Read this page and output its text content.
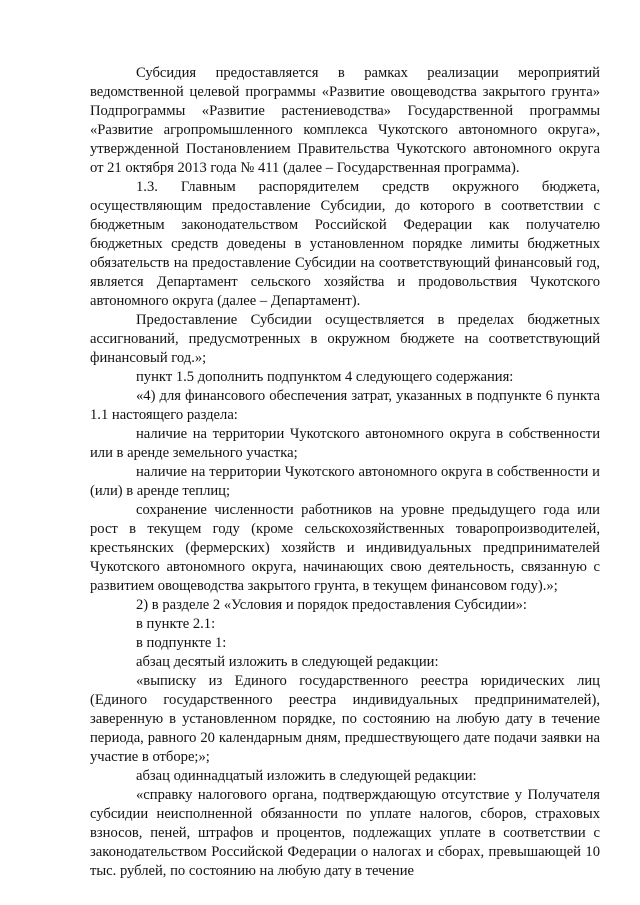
Субсидия предоставляется в рамках реализации мероприятий ведомственной целевой программы «Развитие овощеводства закрытого грунта» Подпрограммы «Развитие растениеводства» Государственной программы «Развитие агропромышленного комплекса Чукотского автономного округа», утвержденной Постановлением Правительства Чукотского автономного округа от 21 октября 2013 года № 411 (далее – Государственная программа).

1.3. Главным распорядителем средств окружного бюджета, осуществляющим предоставление Субсидии, до которого в соответствии с бюджетным законодательством Российской Федерации как получателю бюджетных средств доведены в установленном порядке лимиты бюджетных обязательств на предоставление Субсидии на соответствующий финансовый год, является Департамент сельского хозяйства и продовольствия Чукотского автономного округа (далее – Департамент).

Предоставление Субсидии осуществляется в пределах бюджетных ассигнований, предусмотренных в окружном бюджете на соответствующий финансовый год.»;

пункт 1.5 дополнить подпунктом 4 следующего содержания:

«4) для финансового обеспечения затрат, указанных в подпункте 6 пункта 1.1 настоящего раздела:

наличие на территории Чукотского автономного округа в собственности или в аренде земельного участка;

наличие на территории Чукотского автономного округа в собственности и (или) в аренде теплиц;

сохранение численности работников на уровне предыдущего года или рост в текущем году (кроме сельскохозяйственных товаропроизводителей, крестьянских (фермерских) хозяйств и индивидуальных предпринимателей Чукотского автономного округа, начинающих свою деятельность, связанную с развитием овощеводства закрытого грунта, в текущем финансовом году).»;

2) в разделе 2 «Условия и порядок предоставления Субсидии»:

в пункте 2.1:

в подпункте 1:

абзац десятый изложить в следующей редакции:

«выписку из Единого государственного реестра юридических лиц (Единого государственного реестра индивидуальных предпринимателей), заверенную в установленном порядке, по состоянию на любую дату в течение периода, равного 20 календарным дням, предшествующего дате подачи заявки на участие в отборе;»;

абзац одиннадцатый изложить в следующей редакции:

«справку налогового органа, подтверждающую отсутствие у Получателя субсидии неисполненной обязанности по уплате налогов, сборов, страховых взносов, пеней, штрафов и процентов, подлежащих уплате в соответствии с законодательством Российской Федерации о налогах и сборах, превышающей 10 тыс. рублей, по состоянию на любую дату в течение
